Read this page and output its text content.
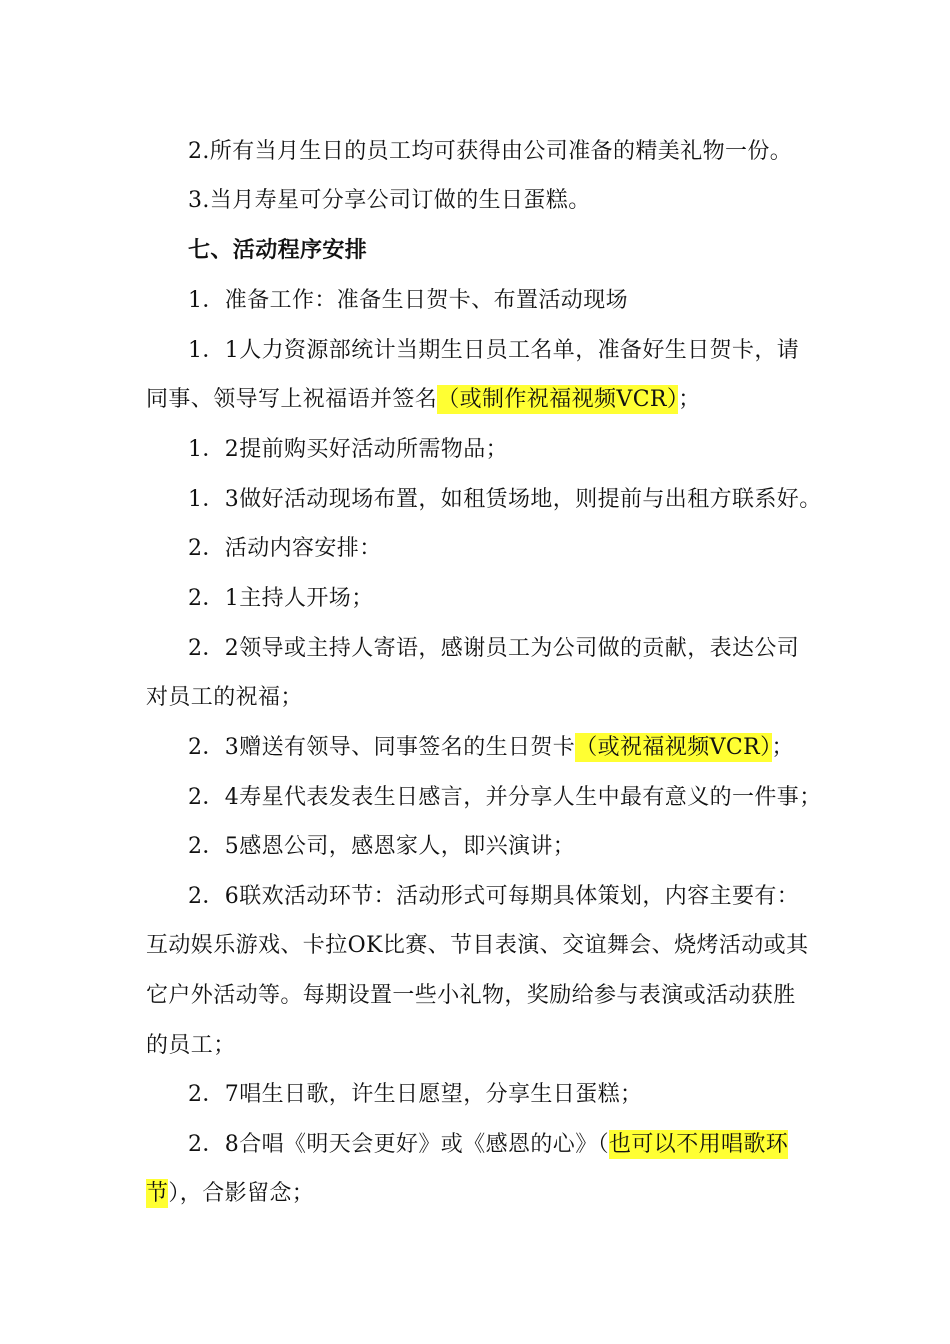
2.所有当月生日的员工均可获得由公司准备的精美礼物一份。
3.当月寿星可分享公司订做的生日蛋糕。
七、活动程序安排
1．准备工作：准备生日贺卡、布置活动现场
1．1人力资源部统计当期生日员工名单，准备好生日贺卡，请
同事、领导写上祝福语并签名（或制作祝福视频VCR）；
1．2提前购买好活动所需物品；
1．3做好活动现场布置，如租赁场地，则提前与出租方联系好。
2．活动内容安排：
2．1主持人开场；
2．2领导或主持人寄语，感谢员工为公司做的贡献，表达公司
对员工的祝福；
2．3赠送有领导、同事签名的生日贺卡（或祝福视频VCR）；
2．4寿星代表发表生日感言，并分享人生中最有意义的一件事；
2．5感恩公司，感恩家人，即兴演讲；
2．6联欢活动环节：活动形式可每期具体策划，内容主要有：
互动娱乐游戏、卡拉OK比赛、节目表演、交谊舞会、烧烤活动或其
它户外活动等。每期设置一些小礼物，奖励给参与表演或活动获胜
的员工；
2．7唱生日歌，许生日愿望，分享生日蛋糕；
2．8合唱《明天会更好》或《感恩的心》（也可以不用唱歌环
节），合影留念；
